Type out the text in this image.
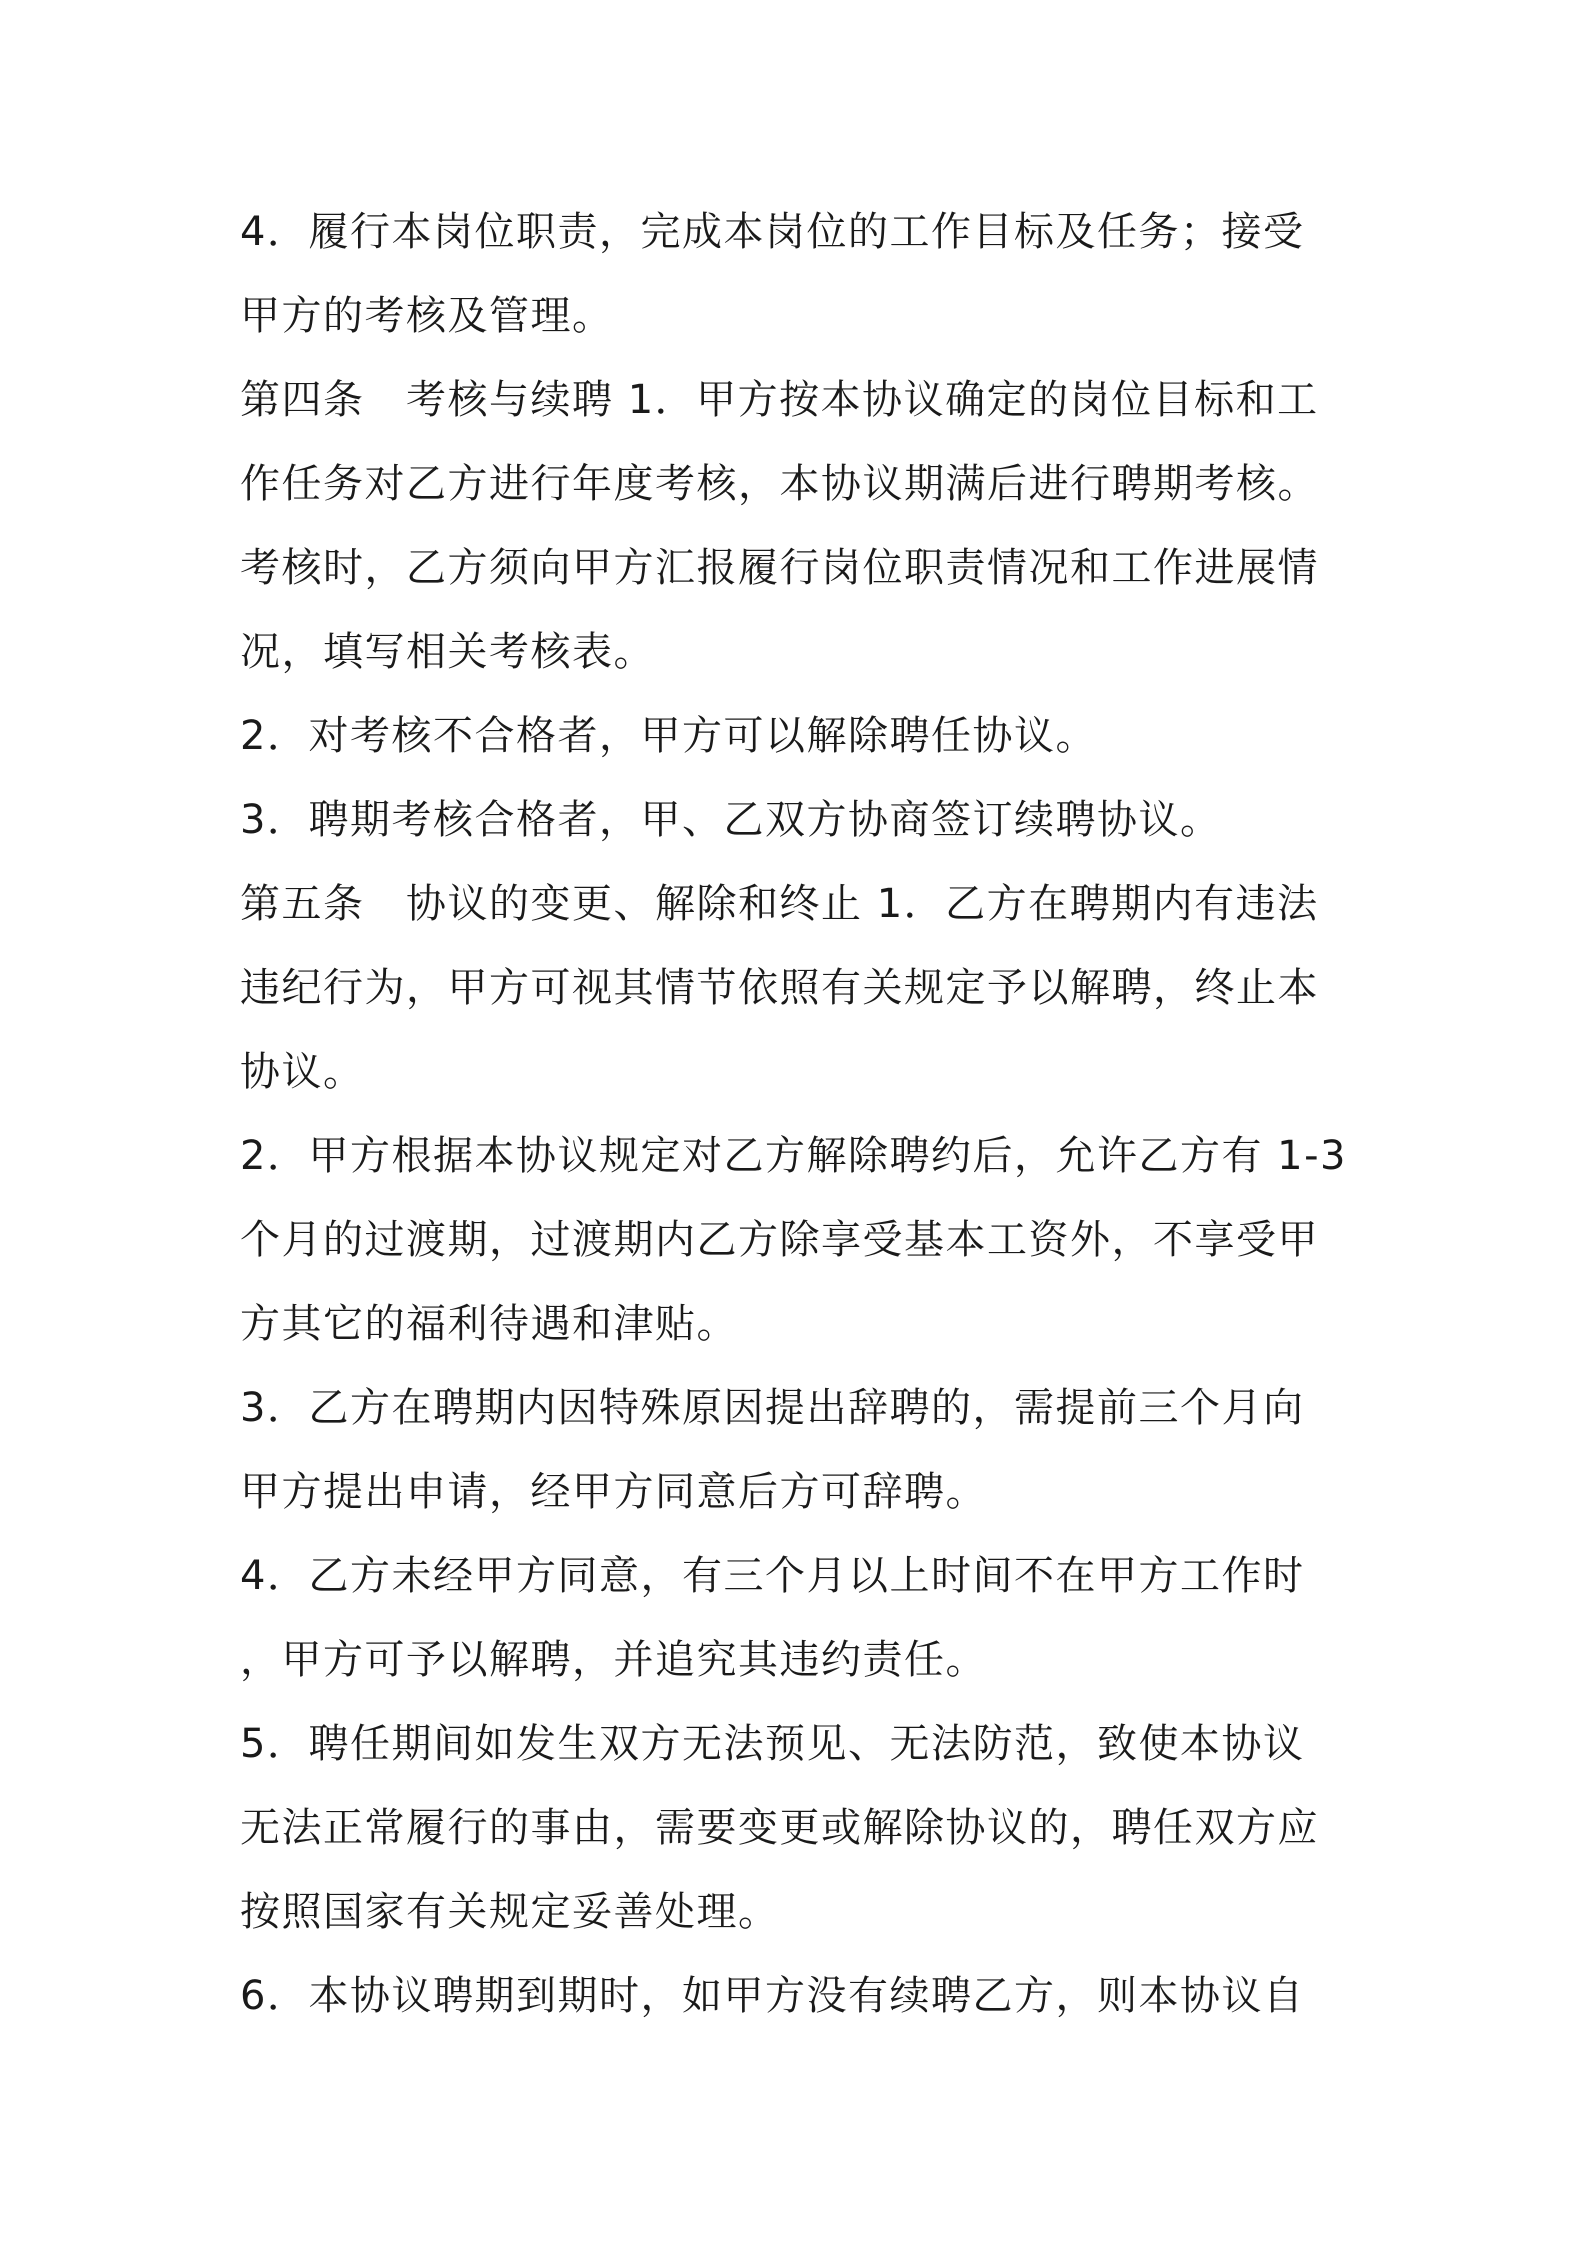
4．履行本岗位职责，完成本岗位的工作目标及任务；接受
甲方的考核及管理。
第四条　考核与续聘 1．甲方按本协议确定的岗位目标和工
作任务对乙方进行年度考核，本协议期满后进行聘期考核。
考核时，乙方须向甲方汇报履行岗位职责情况和工作进展情
况，填写相关考核表。
2．对考核不合格者，甲方可以解除聘任协议。
3．聘期考核合格者，甲、乙双方协商签订续聘协议。
第五条　协议的变更、解除和终止 1．乙方在聘期内有违法
违纪行为，甲方可视其情节依照有关规定予以解聘，终止本
协议。
2．甲方根据本协议规定对乙方解除聘约后，允许乙方有 1-3
个月的过渡期，过渡期内乙方除享受基本工资外，不享受甲
方其它的福利待遇和津贴。
3．乙方在聘期内因特殊原因提出辞聘的，需提前三个月向
甲方提出申请，经甲方同意后方可辞聘。
4．乙方未经甲方同意，有三个月以上时间不在甲方工作时
，甲方可予以解聘，并追究其违约责任。
5．聘任期间如发生双方无法预见、无法防范，致使本协议
无法正常履行的事由，需要变更或解除协议的，聘任双方应
按照国家有关规定妥善处理。
6．本协议聘期到期时，如甲方没有续聘乙方，则本协议自
